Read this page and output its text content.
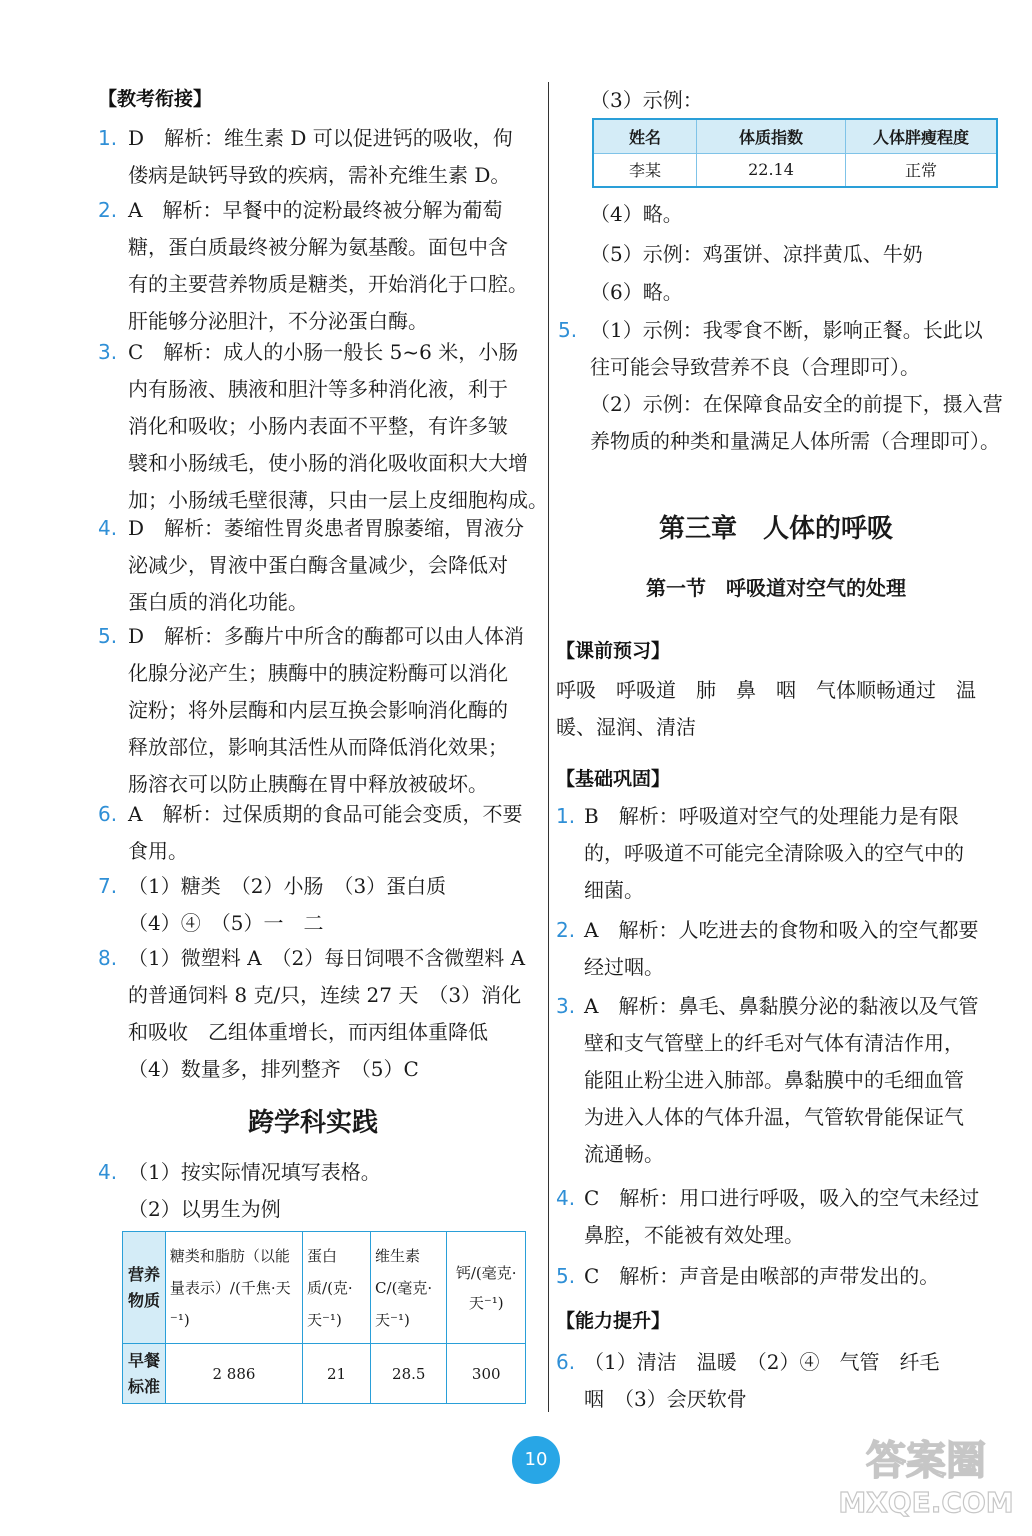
【教考衔接】
1. D　解析：维生素 D 可以促进钙的吸收，佝
偻病是缺钙导致的疾病，需补充维生素 D。
2. A　解析：早餐中的淀粉最终被分解为葡萄
糖，蛋白质最终被分解为氨基酸。面包中含
有的主要营养物质是糖类，开始消化于口腔。
肝能够分泌胆汁，不分泌蛋白酶。
3. C　解析：成人的小肠一般长 5~6 米，小肠
内有肠液、胰液和胆汁等多种消化液，利于
消化和吸收；小肠内表面不平整，有许多皱
襞和小肠绒毛，使小肠的消化吸收面积大大增
加；小肠绒毛壁很薄，只由一层上皮细胞构成。
4. D　解析：萎缩性胃炎患者胃腺萎缩，胃液分
泌减少，胃液中蛋白酶含量减少，会降低对
蛋白质的消化功能。
5. D　解析：多酶片中所含的酶都可以由人体消
化腺分泌产生；胰酶中的胰淀粉酶可以消化
淀粉；将外层酶和内层互换会影响消化酶的
释放部位，影响其活性从而降低消化效果；
肠溶衣可以防止胰酶在胃中释放被破坏。
6. A　解析：过保质期的食品可能会变质，不要
食用。
7. （1）糖类　（2）小肠　（3）蛋白质
（4）④　（5）一　二
8. （1）微塑料 A　（2）每日饲喂不含微塑料 A
的普通饲料 8 克/只，连续 27 天　（3）消化
和吸收　乙组体重增长，而丙组体重降低
（4）数量多，排列整齐　（5）C
跨学科实践
4. （1）按实际情况填写表格。
（2）以男生为例
营养物质	糖类和脂肪（以能量表示）/(千焦·天⁻¹)	蛋白质/(克·天⁻¹)	维生素C/(毫克·天⁻¹)	钙/(毫克·天⁻¹)
早餐标准	2 886	21	28.5	300
（3）示例：
姓名	体质指数	人体胖瘦程度
李某	22.14	正常
（4）略。
（5）示例：鸡蛋饼、凉拌黄瓜、牛奶
（6）略。
5. （1）示例：我零食不断，影响正餐。长此以
往可能会导致营养不良（合理即可）。
（2）示例：在保障食品安全的前提下，摄入营
养物质的种类和量满足人体所需（合理即可）。
第三章　人体的呼吸
第一节　呼吸道对空气的处理
【课前预习】
呼吸　呼吸道　肺　鼻　咽　气体顺畅通过　温
暖、湿润、清洁
【基础巩固】
1. B　解析：呼吸道对空气的处理能力是有限
的，呼吸道不可能完全清除吸入的空气中的
细菌。
2. A　解析：人吃进去的食物和吸入的空气都要
经过咽。
3. A　解析：鼻毛、鼻黏膜分泌的黏液以及气管
壁和支气管壁上的纤毛对气体有清洁作用，
能阻止粉尘进入肺部。鼻黏膜中的毛细血管
为进入人体的气体升温，气管软骨能保证气
流通畅。
4. C　解析：用口进行呼吸，吸入的空气未经过
鼻腔，不能被有效处理。
5. C　解析：声音是由喉部的声带发出的。
【能力提升】
6. （1）清洁　温暖　（2）④　气管　纤毛
咽　（3）会厌软骨
10	答案圈
MXQE.COM
